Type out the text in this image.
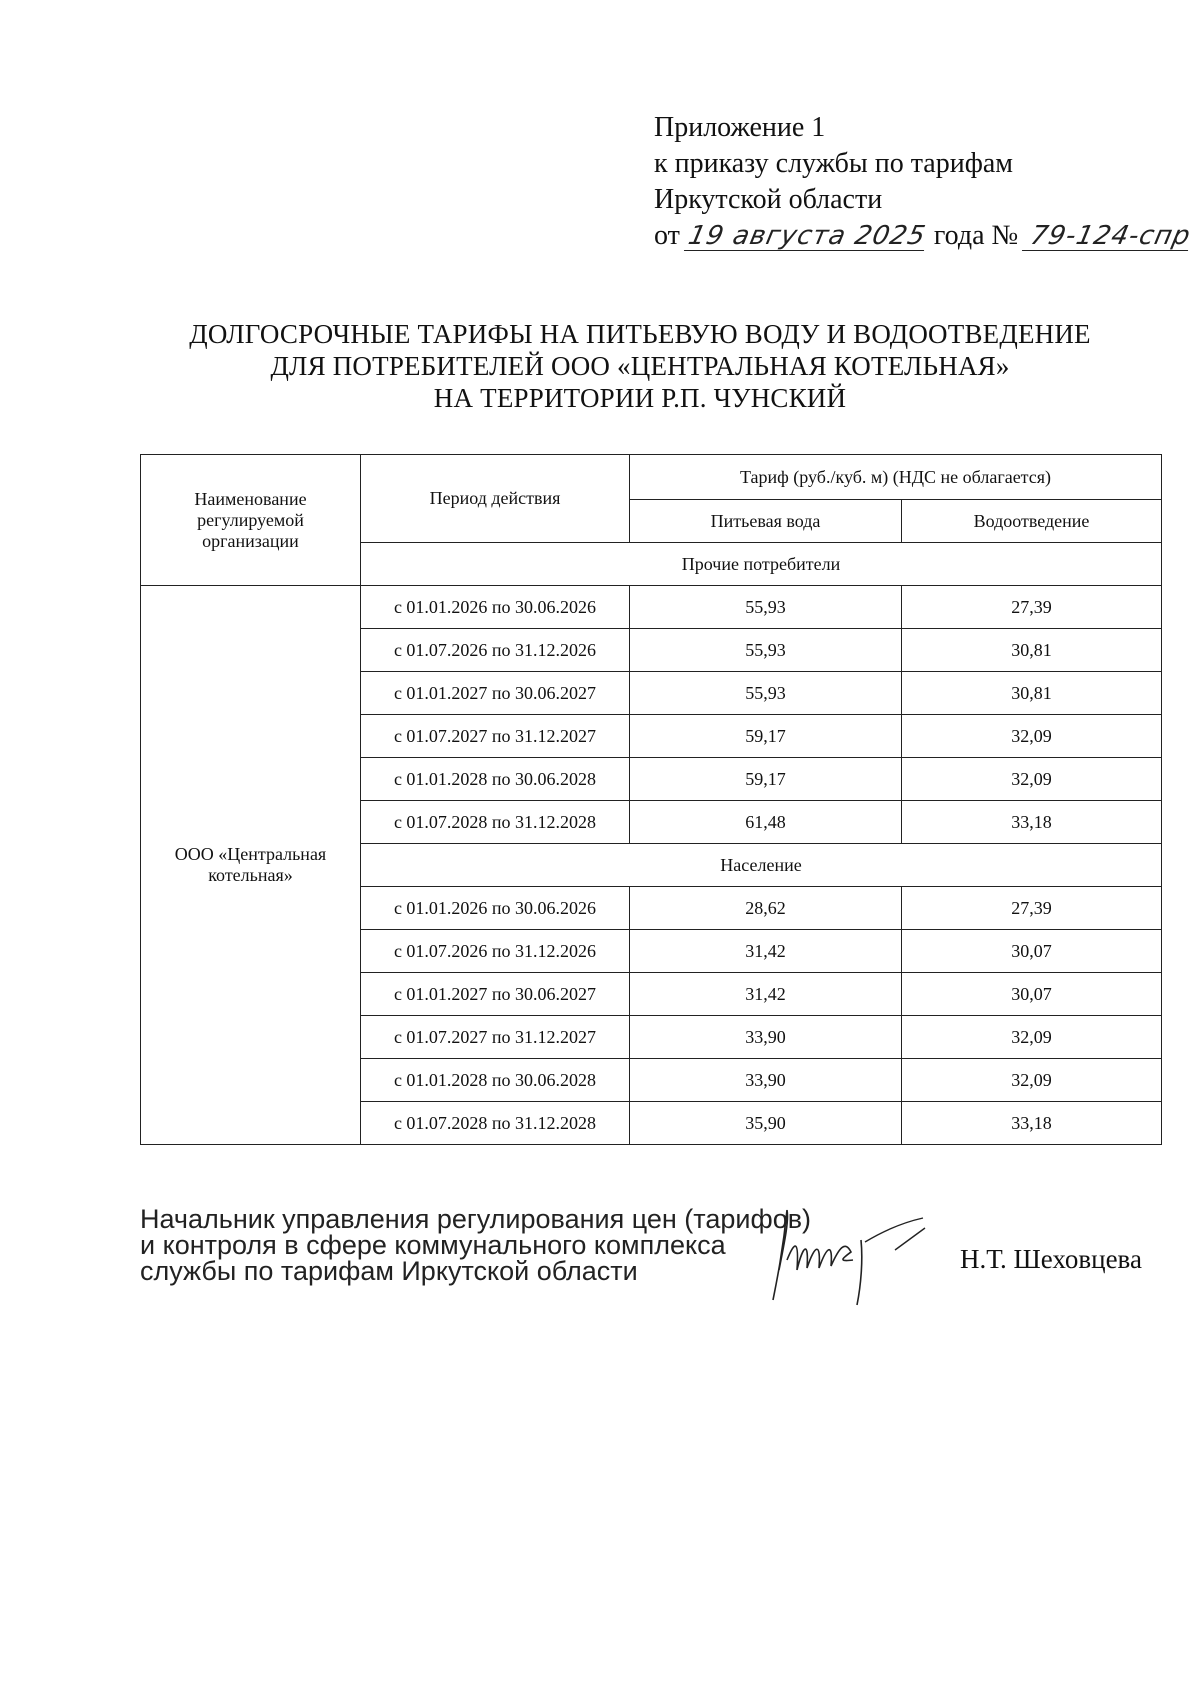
Приложение 1
к приказу службы по тарифам
Иркутской области
от 19 августа 2025 года № 79-124-спр
ДОЛГОСРОЧНЫЕ ТАРИФЫ НА ПИТЬЕВУЮ ВОДУ И ВОДООТВЕДЕНИЕ
ДЛЯ ПОТРЕБИТЕЛЕЙ ООО «ЦЕНТРАЛЬНАЯ КОТЕЛЬНАЯ»
НА ТЕРРИТОРИИ Р.П. ЧУНСКИЙ
Наименование регулируемой организации	Период действия	Тариф (руб./куб. м) (НДС не облагается)	
		Питьевая вода	Водоотведение
	Прочие потребители		
ООО «Центральная котельная»	с 01.01.2026 по 30.06.2026	55,93	27,39
	с 01.07.2026 по 31.12.2026	55,93	30,81
	с 01.01.2027 по 30.06.2027	55,93	30,81
	с 01.07.2027 по 31.12.2027	59,17	32,09
	с 01.01.2028 по 30.06.2028	59,17	32,09
	с 01.07.2028 по 31.12.2028	61,48	33,18
	Население		
	с 01.01.2026 по 30.06.2026	28,62	27,39
	с 01.07.2026 по 31.12.2026	31,42	30,07
	с 01.01.2027 по 30.06.2027	31,42	30,07
	с 01.07.2027 по 31.12.2027	33,90	32,09
	с 01.01.2028 по 30.06.2028	33,90	32,09
	с 01.07.2028 по 31.12.2028	35,90	33,18
Начальник управления регулирования цен (тарифов)
и контроля в сфере коммунального комплекса
службы по тарифам Иркутской области	Н.Т. Шеховцева
